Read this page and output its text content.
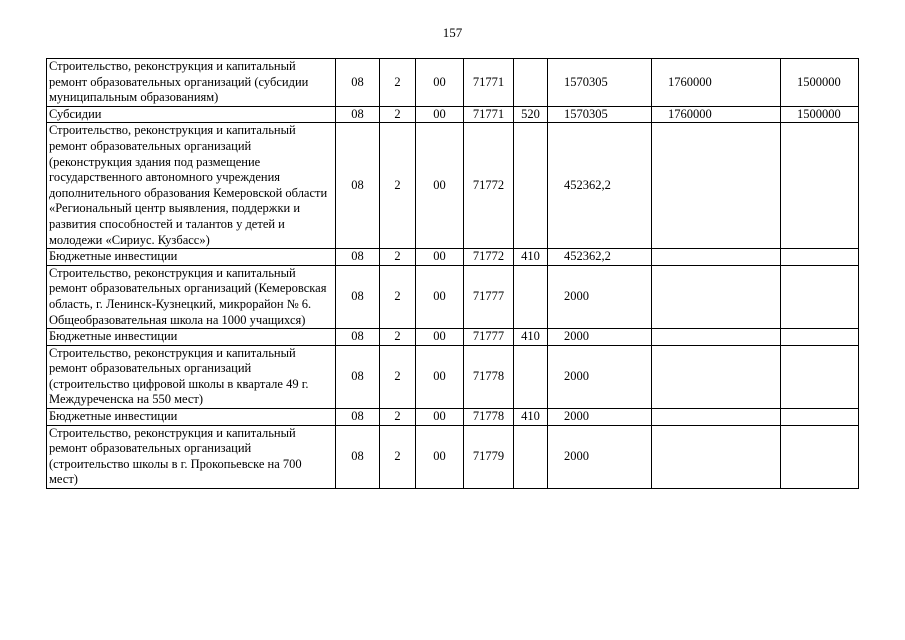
157
Строительство, реконструкция и капитальный ремонт образовательных организаций (субсидии муниципальным образованиям)	08	2	00	71771		1570305	1760000	1500000
Субсидии	08	2	00	71771	520	1570305	1760000	1500000
Строительство, реконструкция и капитальный ремонт образовательных организаций (реконструкция здания под размещение государственного автономного учреждения дополнительного образования Кемеровской области «Региональный центр выявления, поддержки и развития способностей и талантов у детей и молодежи «Сириус. Кузбасс»)	08	2	00	71772		452362,2		
Бюджетные инвестиции	08	2	00	71772	410	452362,2		
Строительство, реконструкция и капитальный ремонт образовательных организаций (Кемеровская область, г. Ленинск-Кузнецкий, микрорайон № 6. Общеобразовательная школа на 1000 учащихся)	08	2	00	71777		2000		
Бюджетные инвестиции	08	2	00	71777	410	2000		
Строительство, реконструкция и капитальный ремонт образовательных организаций (строительство цифровой школы в квартале 49 г. Междуреченска на 550 мест)	08	2	00	71778		2000		
Бюджетные инвестиции	08	2	00	71778	410	2000		
Строительство, реконструкция и капитальный ремонт образовательных организаций (строительство школы в г. Прокопьевске на 700 мест)	08	2	00	71779		2000		
